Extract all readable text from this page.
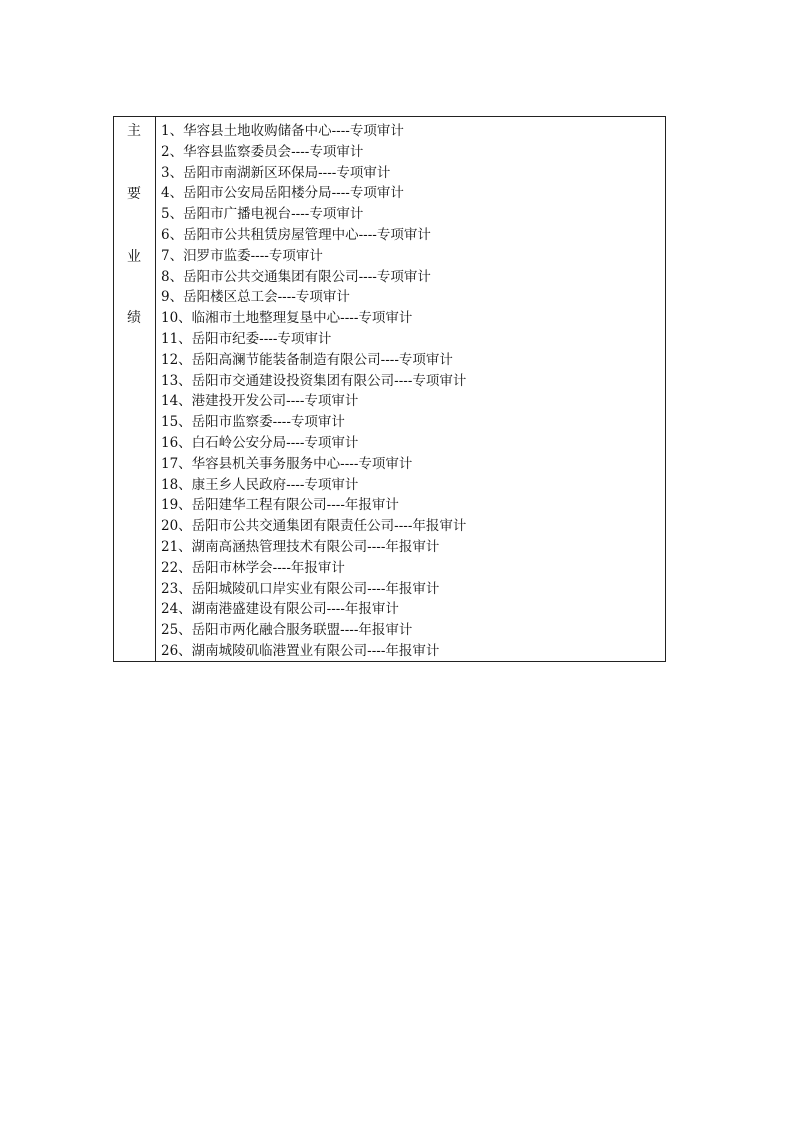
主
要
业
绩
1、华容县土地收购储备中心----专项审计
2、华容县监察委员会----专项审计
3、岳阳市南湖新区环保局----专项审计
4、岳阳市公安局岳阳楼分局----专项审计
5、岳阳市广播电视台----专项审计
6、岳阳市公共租赁房屋管理中心----专项审计
7、汨罗市监委----专项审计
8、岳阳市公共交通集团有限公司----专项审计
9、岳阳楼区总工会----专项审计
10、临湘市土地整理复垦中心----专项审计
11、岳阳市纪委----专项审计
12、岳阳高澜节能装备制造有限公司----专项审计
13、岳阳市交通建设投资集团有限公司----专项审计
14、港建投开发公司----专项审计
15、岳阳市监察委----专项审计
16、白石岭公安分局----专项审计
17、华容县机关事务服务中心----专项审计
18、康王乡人民政府----专项审计
19、岳阳建华工程有限公司----年报审计
20、岳阳市公共交通集团有限责任公司----年报审计
21、湖南高涵热管理技术有限公司----年报审计
22、岳阳市林学会----年报审计
23、岳阳城陵矶口岸实业有限公司----年报审计
24、湖南港盛建设有限公司----年报审计
25、岳阳市两化融合服务联盟----年报审计
26、湖南城陵矶临港置业有限公司----年报审计
